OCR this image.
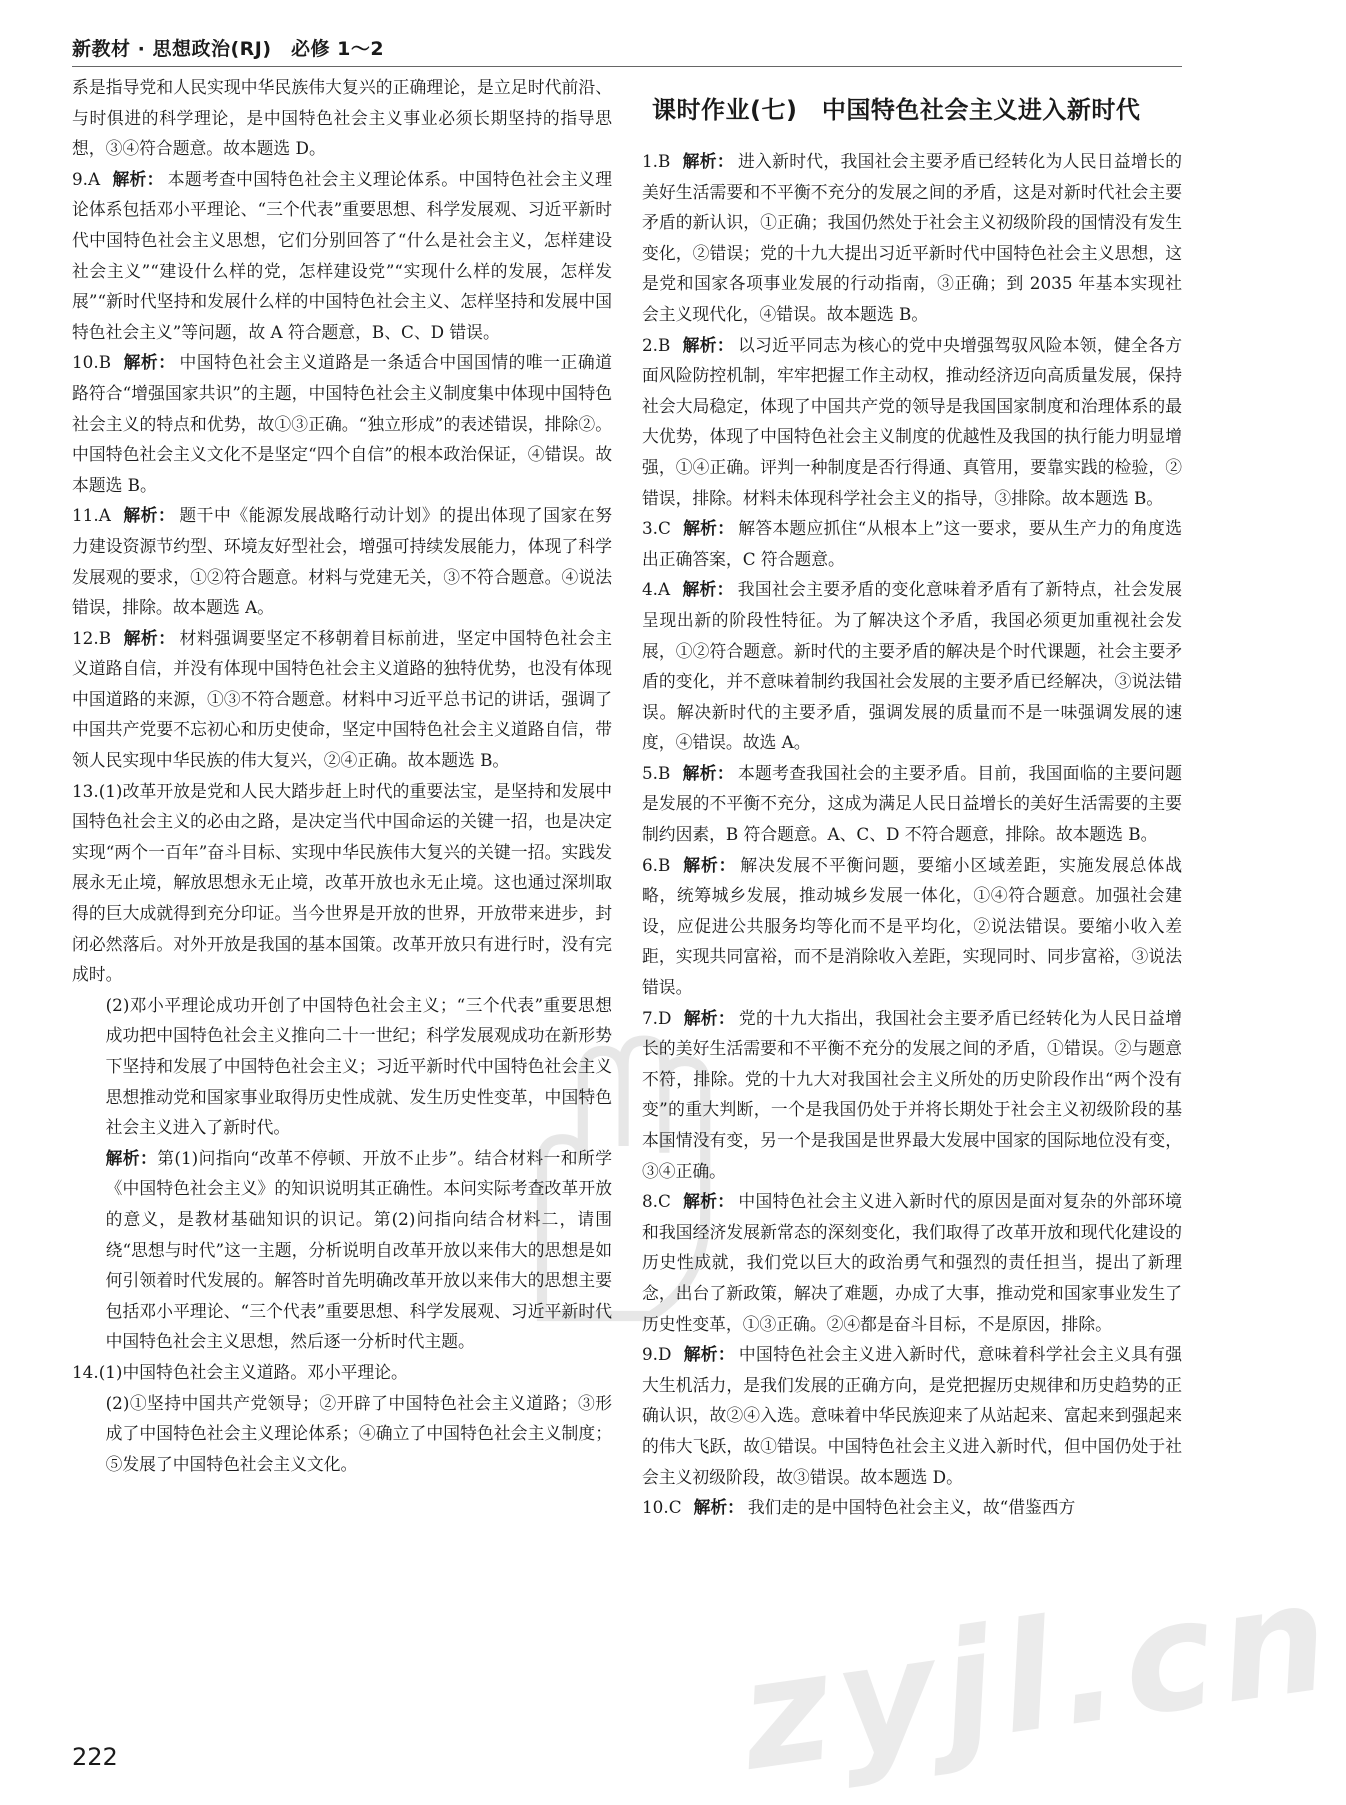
新教材 · 思想政治(RJ)　必修 1～2

系是指导党和人民实现中华民族伟大复兴的正确理论，是立足时代前沿、与时俱进的科学理论，是中国特色社会主义事业必须长期坚持的指导思想，③④符合题意。故本题选 D。

9.A 解析： 本题考查中国特色社会主义理论体系。中国特色社会主义理论体系包括邓小平理论、“三个代表”重要思想、科学发展观、习近平新时代中国特色社会主义思想，它们分别回答了“什么是社会主义，怎样建设社会主义”“建设什么样的党，怎样建设党”“实现什么样的发展，怎样发展”“新时代坚持和发展什么样的中国特色社会主义、怎样坚持和发展中国特色社会主义”等问题，故 A 符合题意，B、C、D 错误。

10.B 解析： 中国特色社会主义道路是一条适合中国国情的唯一正确道路符合“增强国家共识”的主题，中国特色社会主义制度集中体现中国特色社会主义的特点和优势，故①③正确。“独立形成”的表述错误，排除②。中国特色社会主义文化不是坚定“四个自信”的根本政治保证，④错误。故本题选 B。

11.A 解析： 题干中《能源发展战略行动计划》的提出体现了国家在努力建设资源节约型、环境友好型社会，增强可持续发展能力，体现了科学发展观的要求，①②符合题意。材料与党建无关，③不符合题意。④说法错误，排除。故本题选 A。

12.B 解析： 材料强调要坚定不移朝着目标前进，坚定中国特色社会主义道路自信，并没有体现中国特色社会主义道路的独特优势，也没有体现中国道路的来源，①③不符合题意。材料中习近平总书记的讲话，强调了中国共产党要不忘初心和历史使命，坚定中国特色社会主义道路自信，带领人民实现中华民族的伟大复兴，②④正确。故本题选 B。

13.(1)改革开放是党和人民大踏步赶上时代的重要法宝，是坚持和发展中国特色社会主义的必由之路，是决定当代中国命运的关键一招，也是决定实现“两个一百年”奋斗目标、实现中华民族伟大复兴的关键一招。实践发展永无止境，解放思想永无止境，改革开放也永无止境。这也通过深圳取得的巨大成就得到充分印证。当今世界是开放的世界，开放带来进步，封闭必然落后。对外开放是我国的基本国策。改革开放只有进行时，没有完成时。

(2)邓小平理论成功开创了中国特色社会主义；“三个代表”重要思想成功把中国特色社会主义推向二十一世纪；科学发展观成功在新形势下坚持和发展了中国特色社会主义；习近平新时代中国特色社会主义思想推动党和国家事业取得历史性成就、发生历史性变革，中国特色社会主义进入了新时代。

解析：第(1)问指向“改革不停顿、开放不止步”。结合材料一和所学《中国特色社会主义》的知识说明其正确性。本问实际考查改革开放的意义，是教材基础知识的识记。第(2)问指向结合材料二，请围绕“思想与时代”这一主题，分析说明自改革开放以来伟大的思想是如何引领着时代发展的。解答时首先明确改革开放以来伟大的思想主要包括邓小平理论、“三个代表”重要思想、科学发展观、习近平新时代中国特色社会主义思想，然后逐一分析时代主题。

14.(1)中国特色社会主义道路。邓小平理论。

(2)①坚持中国共产党领导；②开辟了中国特色社会主义道路；③形成了中国特色社会主义理论体系；④确立了中国特色社会主义制度；⑤发展了中国特色社会主义文化。

课时作业(七)　中国特色社会主义进入新时代

1.B 解析： 进入新时代，我国社会主要矛盾已经转化为人民日益增长的美好生活需要和不平衡不充分的发展之间的矛盾，这是对新时代社会主要矛盾的新认识，①正确；我国仍然处于社会主义初级阶段的国情没有发生变化，②错误；党的十九大提出习近平新时代中国特色社会主义思想，这是党和国家各项事业发展的行动指南，③正确；到 2035 年基本实现社会主义现代化，④错误。故本题选 B。

2.B 解析： 以习近平同志为核心的党中央增强驾驭风险本领，健全各方面风险防控机制，牢牢把握工作主动权，推动经济迈向高质量发展，保持社会大局稳定，体现了中国共产党的领导是我国国家制度和治理体系的最大优势，体现了中国特色社会主义制度的优越性及我国的执行能力明显增强，①④正确。评判一种制度是否行得通、真管用，要靠实践的检验，②错误，排除。材料未体现科学社会主义的指导，③排除。故本题选 B。

3.C 解析： 解答本题应抓住“从根本上”这一要求，要从生产力的角度选出正确答案，C 符合题意。

4.A 解析： 我国社会主要矛盾的变化意味着矛盾有了新特点，社会发展呈现出新的阶段性特征。为了解决这个矛盾，我国必须更加重视社会发展，①②符合题意。新时代的主要矛盾的解决是个时代课题，社会主要矛盾的变化，并不意味着制约我国社会发展的主要矛盾已经解决，③说法错误。解决新时代的主要矛盾，强调发展的质量而不是一味强调发展的速度，④错误。故选 A。

5.B 解析： 本题考查我国社会的主要矛盾。目前，我国面临的主要问题是发展的不平衡不充分，这成为满足人民日益增长的美好生活需要的主要制约因素，B 符合题意。A、C、D 不符合题意，排除。故本题选 B。

6.B 解析： 解决发展不平衡问题，要缩小区域差距，实施发展总体战略，统筹城乡发展，推动城乡发展一体化，①④符合题意。加强社会建设，应促进公共服务均等化而不是平均化，②说法错误。要缩小收入差距，实现共同富裕，而不是消除收入差距，实现同时、同步富裕，③说法错误。

7.D 解析： 党的十九大指出，我国社会主要矛盾已经转化为人民日益增长的美好生活需要和不平衡不充分的发展之间的矛盾，①错误。②与题意不符，排除。党的十九大对我国社会主义所处的历史阶段作出“两个没有变”的重大判断，一个是我国仍处于并将长期处于社会主义初级阶段的基本国情没有变，另一个是我国是世界最大发展中国家的国际地位没有变，③④正确。

8.C 解析： 中国特色社会主义进入新时代的原因是面对复杂的外部环境和我国经济发展新常态的深刻变化，我们取得了改革开放和现代化建设的历史性成就，我们党以巨大的政治勇气和强烈的责任担当，提出了新理念，出台了新政策，解决了难题，办成了大事，推动党和国家事业发生了历史性变革，①③正确。②④都是奋斗目标，不是原因，排除。

9.D 解析： 中国特色社会主义进入新时代，意味着科学社会主义具有强大生机活力，是我们发展的正确方向，是党把握历史规律和历史趋势的正确认识，故②④入选。意味着中华民族迎来了从站起来、富起来到强起来的伟大飞跃，故①错误。中国特色社会主义进入新时代，但中国仍处于社会主义初级阶段，故③错误。故本题选 D。

10.C 解析： 我们走的是中国特色社会主义，故“借鉴西方

zyjl.cn
222
